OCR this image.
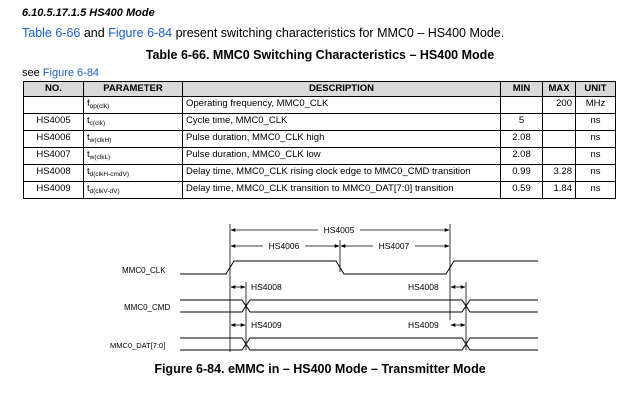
6.10.5.17.1.5 HS400 Mode
Table 6-66 and Figure 6-84 present switching characteristics for MMC0 – HS400 Mode.
Table 6-66. MMC0 Switching Characteristics – HS400 Mode
see Figure 6-84
NO.	PARAMETER	DESCRIPTION	MIN	MAX	UNIT
	$f_{op(clk)}$	Operating frequency, MMC0_CLK		200	MHz
HS4005	$t_{c(clk)}$	Cycle time, MMC0_CLK	5		ns
HS4006	$t_{w(clkH)}$	Pulse duration, MMC0_CLK high	2.08		ns
HS4007	$t_{w(clkL)}$	Pulse duration, MMC0_CLK low	2.08		ns
HS4008	$t_{d(clkH-cmdV)}$	Delay time, MMC0_CLK rising clock edge to MMC0_CMD transition	0.99	3.28	ns
HS4009	$t_{d(clkV-dV)}$	Delay time, MMC0_CLK transition to MMC0_DAT[7:0] transition	0.59	1.84	ns
HS4005
HS4006	HS4007
MMC0_CLK
HS4008	HS4008
MMC0_CMD
HS4009	HS4009
MMC0_DAT[7:0]
Figure 6-84. eMMC in – HS400 Mode – Transmitter Mode
